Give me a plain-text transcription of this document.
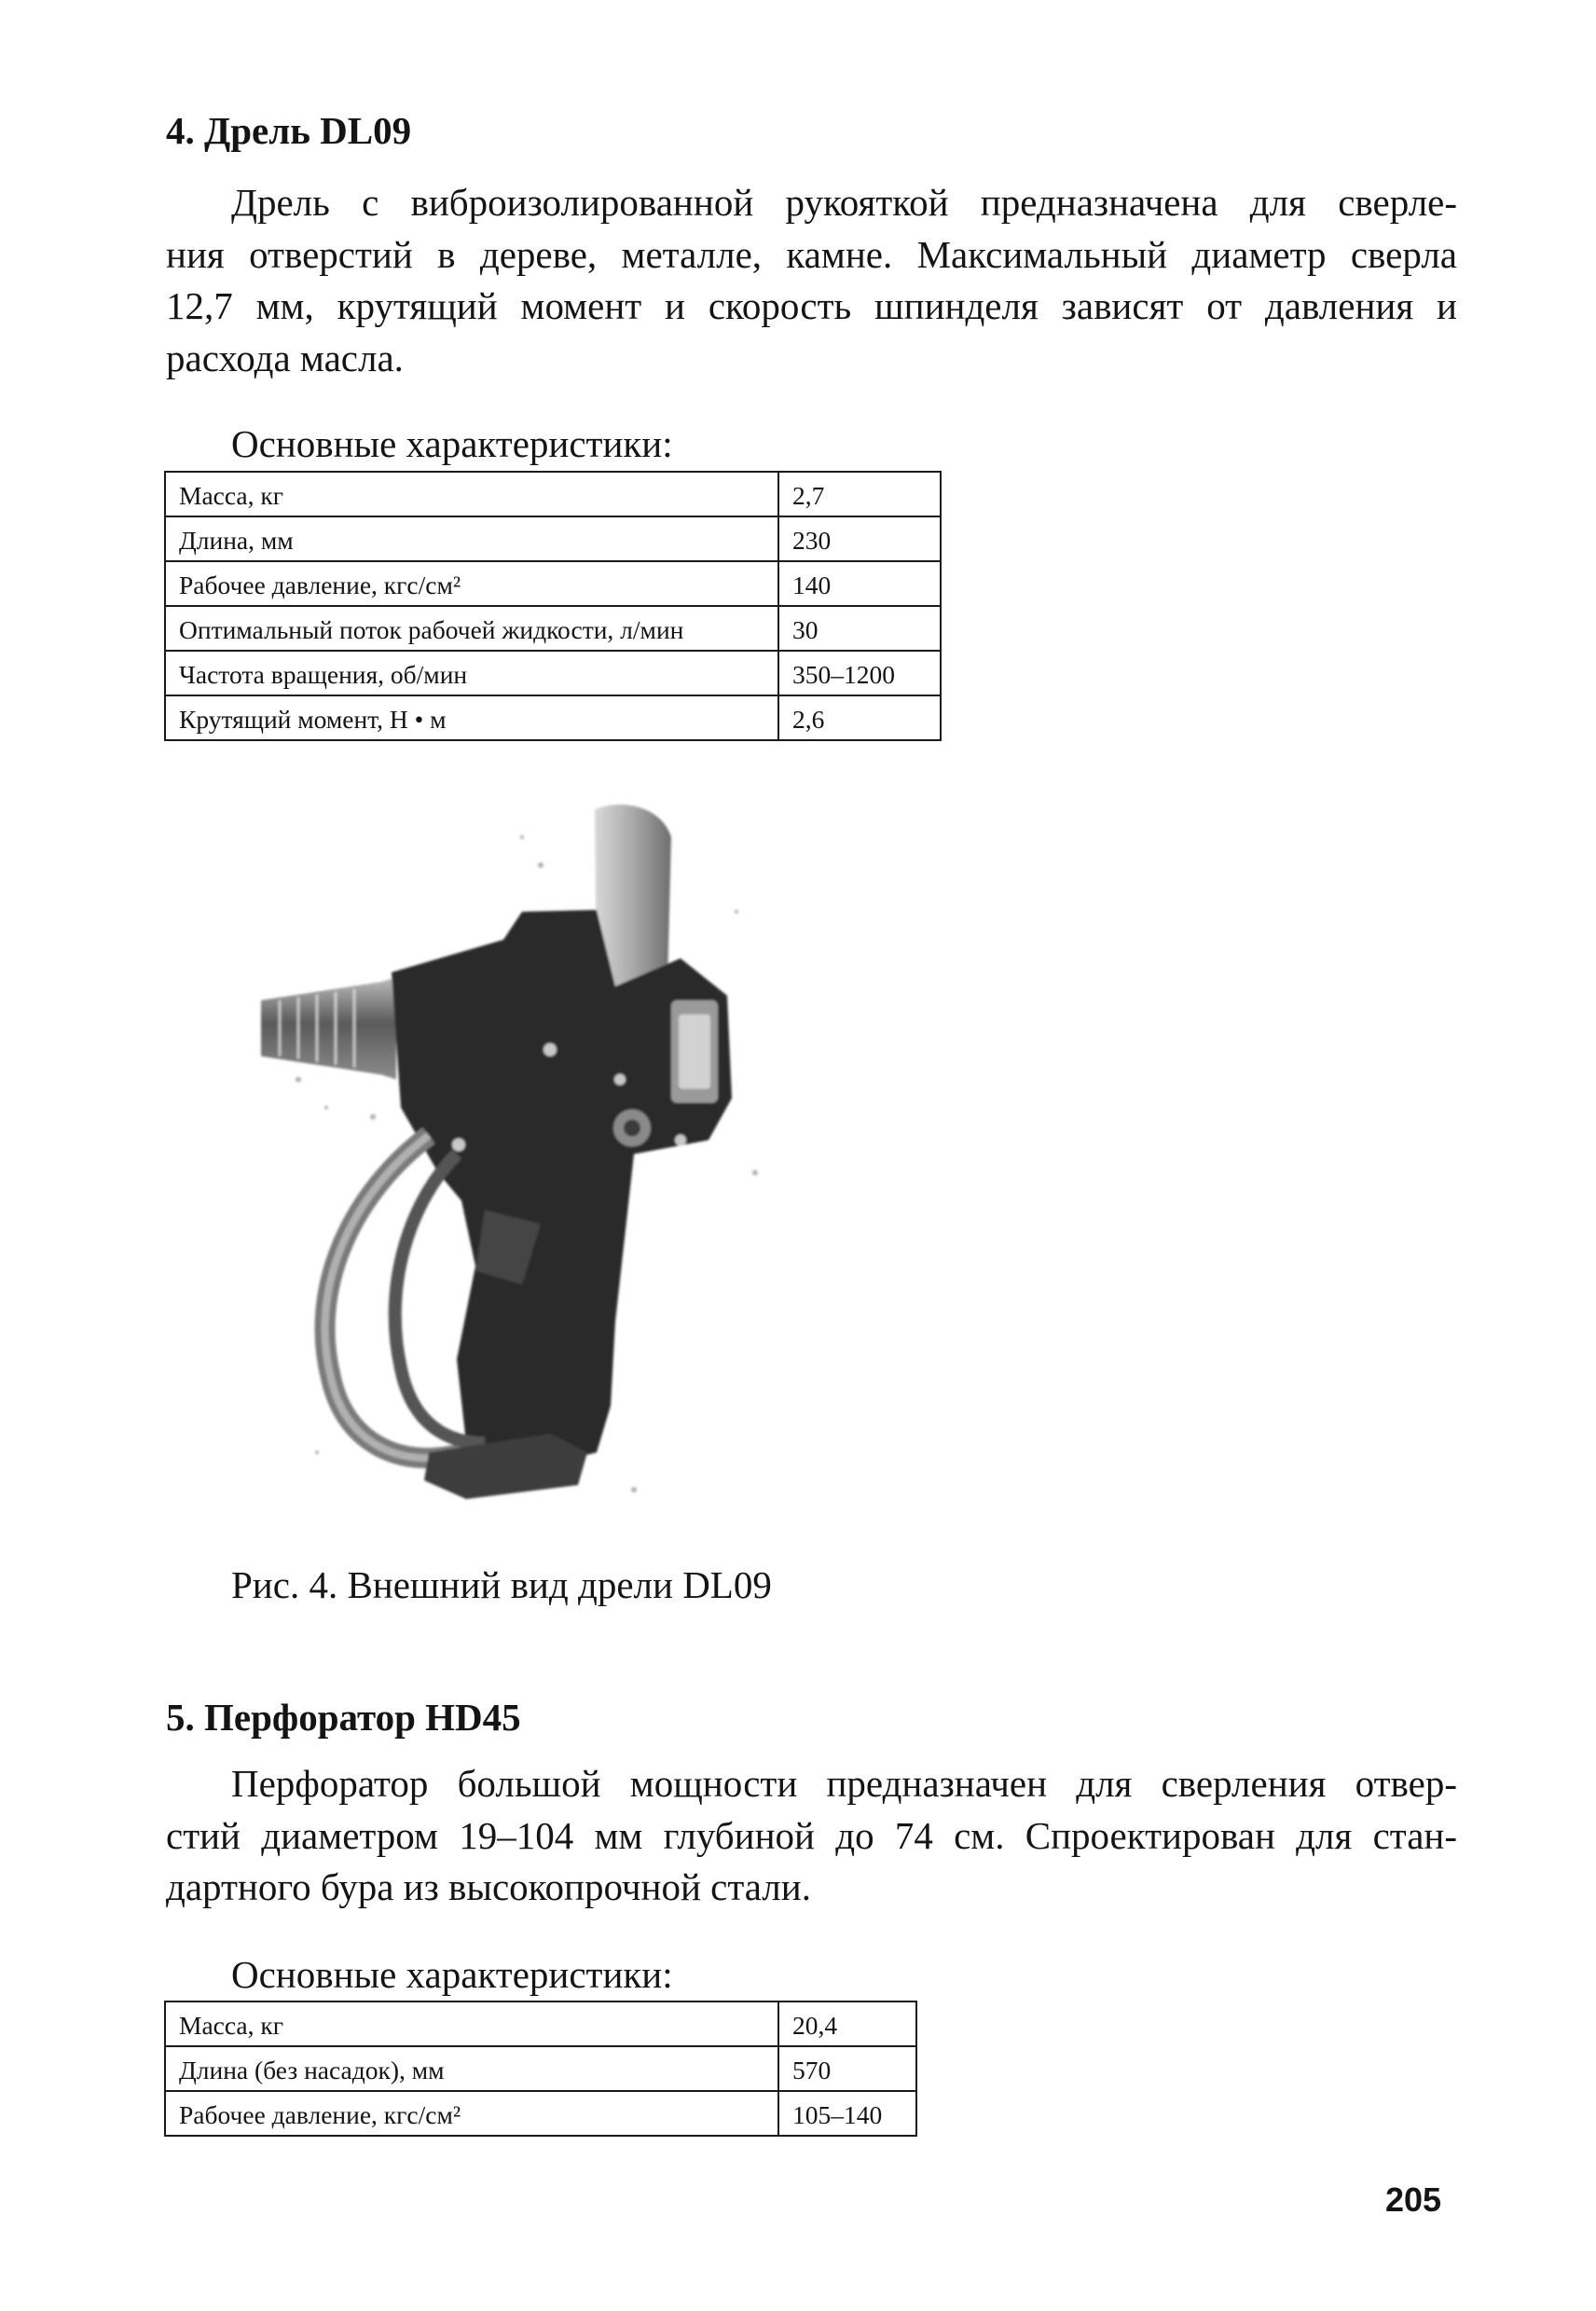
4. Дрель DL09
Дрель с виброизолированной рукояткой предназначена для сверле-
ния отверстий в дереве, металле, камне. Максимальный диаметр сверла
12,7 мм, крутящий момент и скорость шпинделя зависят от давления и
расхода масла.

Основные характеристики:

Масса, кг	2,7
Длина, мм	230
Рабочее давление, кгс/см²	140
Оптимальный поток рабочей жидкости, л/мин	30
Частота вращения, об/мин	350–1200
Крутящий момент, Н • м	2,6

Рис. 4. Внешний вид дрели DL09

5. Перфоратор HD45
Перфоратор большой мощности предназначен для сверления отвер-
стий диаметром 19–104 мм глубиной до 74 см. Спроектирован для стан-
дартного бура из высокопрочной стали.

Основные характеристики:

Масса, кг	20,4
Длина (без насадок), мм	570
Рабочее давление, кгс/см²	105–140

205
